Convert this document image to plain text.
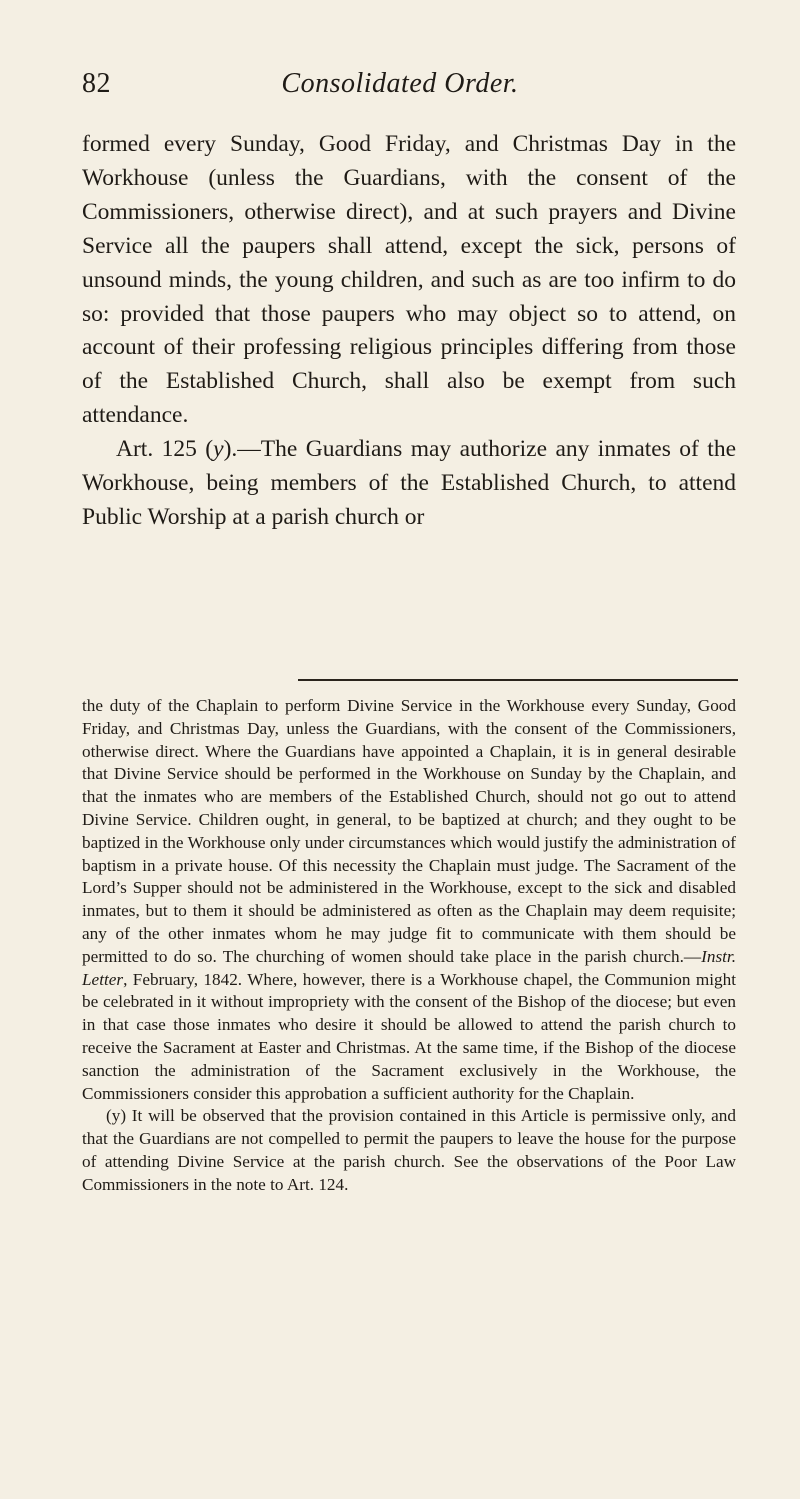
82	Consolidated Order.

formed every Sunday, Good Friday, and Christmas Day in the Workhouse (unless the Guardians, with the consent of the Commissioners, otherwise direct), and at such prayers and Divine Service all the paupers shall attend, except the sick, persons of unsound minds, the young children, and such as are too infirm to do so: provided that those paupers who may object so to attend, on account of their professing religious principles differing from those of the Established Church, shall also be exempt from such attendance.

Art. 125 (y).—The Guardians may authorize any inmates of the Workhouse, being members of the Established Church, to attend Public Worship at a parish church or

the duty of the Chaplain to perform Divine Service in the Workhouse every Sunday, Good Friday, and Christmas Day, unless the Guardians, with the consent of the Commissioners, otherwise direct. Where the Guardians have appointed a Chaplain, it is in general desirable that Divine Service should be performed in the Workhouse on Sunday by the Chaplain, and that the inmates who are members of the Established Church, should not go out to attend Divine Service. Children ought, in general, to be baptized at church; and they ought to be baptized in the Workhouse only under circumstances which would justify the administration of baptism in a private house. Of this necessity the Chaplain must judge. The Sacrament of the Lord’s Supper should not be administered in the Workhouse, except to the sick and disabled inmates, but to them it should be administered as often as the Chaplain may deem requisite; any of the other inmates whom he may judge fit to communicate with them should be permitted to do so. The churching of women should take place in the parish church.—Instr. Letter, February, 1842. Where, however, there is a Workhouse chapel, the Communion might be celebrated in it without impropriety with the consent of the Bishop of the diocese; but even in that case those inmates who desire it should be allowed to attend the parish church to receive the Sacrament at Easter and Christmas. At the same time, if the Bishop of the diocese sanction the administration of the Sacrament exclusively in the Workhouse, the Commissioners consider this approbation a sufficient authority for the Chaplain.

(y) It will be observed that the provision contained in this Article is permissive only, and that the Guardians are not compelled to permit the paupers to leave the house for the purpose of attending Divine Service at the parish church. See the observations of the Poor Law Commissioners in the note to Art. 124.
